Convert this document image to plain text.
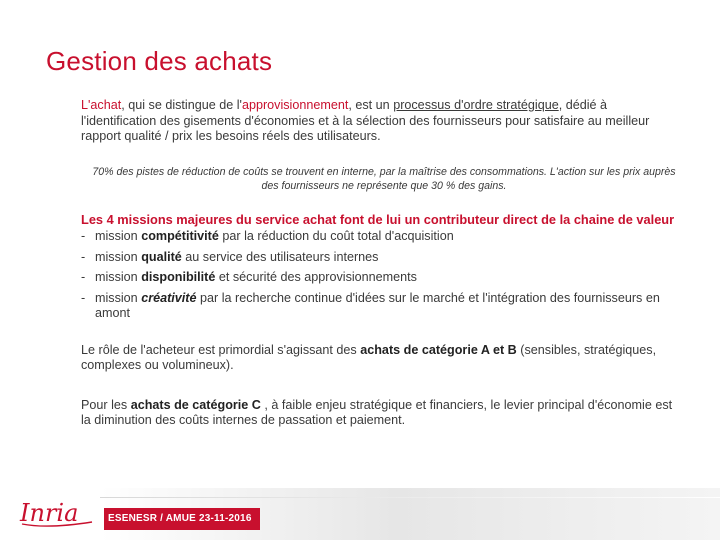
Gestion des achats

L'achat, qui se distingue de l'approvisionnement, est un processus d'ordre stratégique, dédié à l'identification des gisements d'économies et à la sélection des fournisseurs pour satisfaire au meilleur rapport qualité / prix les besoins réels des utilisateurs.

70% des pistes de réduction de coûts se trouvent en interne, par la maîtrise des consommations. L'action sur les prix auprès des fournisseurs ne représente que 30 % des gains.

Les 4 missions majeures du service achat font de lui un contributeur direct de la chaine de valeur

- mission compétitivité par la réduction du coût total d'acquisition
- mission qualité au service des utilisateurs internes
- mission disponibilité et sécurité des approvisionnements
- mission créativité par la recherche continue d'idées sur le marché et l'intégration des fournisseurs en amont

Le rôle de l'acheteur est primordial s'agissant des achats de catégorie A et B (sensibles, stratégiques, complexes ou volumineux).

Pour les achats de catégorie C , à faible enjeu stratégique et financiers, le levier principal d'économie est la diminution des coûts internes de passation et paiement.

Inria	ESENESR / AMUE 23-11-2016
